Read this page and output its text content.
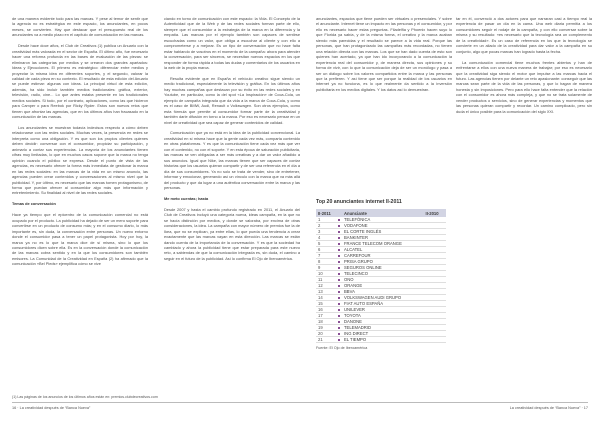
de una manera evidente todo para las marcas. Y pese al temor de sentir que la agencia no es estratégica en este espacio, los anunciantes, en pocos meses, se convierten. Hay que destacar que el presupuesto real de los anunciantes va a medio plazo en el capítulo de comunicación en las marcas.

Desde hace doce años, el Club de Creativos (1) publica un Anuario con la creatividad más valorada en el sector de España. El último año, fue necesario hacer una reforma profunda en las bases de evaluación de las piezas: se eliminaron las categorías por medios y se crearon dos grandes apartados: Ideas y Ejecuciones. El primero es estratégico: diferenciar entre medios y proyectar la misma idea en diferentes soportes, y el segundo, valorar la calidad de cada pieza en su contexto. El resultado de esta edición del Anuario se puede estimar: algunas con ideas. La principal virtud de esta edición, además, ha sido incluir también medios tradicionales: gráfica, exterior, televisión, radio, cine... Lo que antes estaba presente en los tradicionales medios sociales. Si todo, por el contrario, aplicaciones, como las que hicieron para Camper o para Reebok por Ricky Ryder. Estos son nuevos retos que tienen que afrontar las agencias, que en los últimos años han fracasado en la comunicación de las marcas.

Los anunciantes se muestran todavía indecisos respecto a cómo deben relacionarse con las redes sociales. Muchas veces, la presencia en redes se interpreta como una obligación. Y es que son los propios clientes quienes deben decidir: conversar con el consumidor, propiciar su participación, y animarlo a contar sus experiencias. La mayoría de los anunciantes tienen cifras muy limitadas, lo que en muchos casos supone que la marca no tenga opinión cuando el público se expresa. Desde el punto de vista de las agencias, es necesario ofrecer la forma más inmediata de gestionar la marca en las redes sociales: en las marcas de la vida en un mismo anuncio, las agencias pueden crear contenidos y conversaciones al mismo nivel que la publicidad. Y, por último, es necesario que las marcas tomen protagonismo, de forma que puedan ofrecer al consumidor algo más que información y entretenimiento. Su finalidad al nivel de las redes sociales.

Temas de conversación

Hace ya tiempo que el epicentro de la comunicación comercial no está ocupado por el producto. La publicidad ha dejado de ser un mero soporte para convertirse en un producto de consumo más; y en el consumo diario, lo más importante es, sin duda, la conversación entre personas. Un nuevo entorno donde el consumidor pasa a tener un papel protagonista. Hoy por hoy, la marca ya no es lo que la marca dice de sí misma, sino lo que los consumidores dicen sobre ella. Es en la conversación donde la comunicación de las marcas cobra sentido y en la que los consumidores son también emisores. La Comunidad de la Creatividad en España (2) ha afirmado que la comunicación «Bel Pleds» ejemplifica cómo se vive

ciando en torno de comunicación con este espacio: la Vida. El Concepto de la Autenticidad que de la Web y de las redes sociales forman parte de ello, siempre que el consumidor a la estrategia de la marca en la diferencia y la empatía. Las marcas por el ejemplo también son capaces de sentirse escuchadas como un valor, que obliga a escuchar al cliente y con ello a comprometerse y a mejorar. Es un tipo de conversación que no hace falta estar hablando de vosotros en el momento de la campaña: ahora para atender la conversación, para ser sinceros, se necesitan nuevos espacios en los que responder de forma rápida a todas las dudas y comentarios de los usuarios en la web de la propia marca.

Resulta evidente que en España el vehículo creativo sigue siendo un medio tradicional, especialmente la televisión y gráfica. En los últimos años hay muchas campañas que destacan por su éxito en las redes sociales y en Youtube, en particular, como la del spot «La Inspiración» de Coca-Cola, un ejemplo de campaña integrada que da vida a la marca de Coca-Cola, y como es el caso de BMW, Audi, Renault o Volkswagen. Son otros ejemplos, como esta fórmula que permite al consumidor formar parte de la creatividad y también darle difusión en torno a la marca. Por eso es necesario pensar en un nivel de creatividad que sea capaz de generar contenidos de calidad.

Comunicación que ya no está en la idea de la publicidad convencional. La creatividad en sí misma hace que la gente cada vez más, comparta contenido en otras plataformas. Y es que la comunicación tiene cada vez más que ver con el contenido, no con el soporte. Y en esta época de saturación publicitaria, las marcas se ven obligadas a ser más creativas y a dar un valor añadido a sus anuncios. Igual que Nike, las marcas tienen que ser capaces de contar historias que los usuarios quieran compartir y de ser una referencia en el día a día de sus consumidores. Ya no solo se trata de vender, sino de entretener, informar y emocionar, generando así un vínculo con la marca que va más allá del producto y que da lugar a una auténtica conversación entre la marca y las personas.

Me meto cuentas; hasta

Desde 2007 y hasta el cambio profundo registrado en 2011, el Anuario del Club de Creativos incluyó una categoría nueva, ideas campaña, en la que no se hacía distinción por medios, y donde se valoraba, por encima de otras consideraciones, la idea. La campaña con mayor número de premios fue la de Ikea, que no se explican, ya entre ellas, lo que pueda una tendencia a crear exactamente que las marcas vayan en esta dirección. Las marcas se están dando cuenta de la importancia de la conversación. Y es que la sociedad ha cambiado y ahora la publicidad tiene que estar preparada para este nuevo reto, a sabiendas de que la comunicación integrada es, sin duda, el camino a seguir en el futuro de la publicidad. Así lo confirma El Ojo de Iberoamérica.

anunciantes, espacios que tiene pueden ser virtuales o presenciales. Y sobre el anunciante. Internet tiene un impacto en las personas y el consumidor, y por ello es necesario hacer estas preguntas. Filadelfia y Phoenix hacen suyo lo que Florida ya sabía, y de la misma forma, el creativo y la marca acaban siendo más parecidas y el resultado se parece a la vida real. Porque las personas, que han protagonizado las campañas más recordadas, no tienen una relación directa con las marcas. Los que se han dado cuenta de esto son quienes han acertado, ya que han ido incorporando a la comunicación la experiencia real del consumidor y, de manera directa, sus opiniones y su forma de vivir, con lo que la comunicación deja de ser un monólogo y pasa a ser un diálogo sobre los valores compartidos entre la marca y las personas que la prefieren. Y así tiene que ser porque la realidad de los usuarios en internet ya no funciona, es lo que realmente da sentido a la inversión publicitaria en los medios digitales. Y los datos así lo demuestran.

tar en él, convenció a dos actores para que narraran casi a tiempo real la experiencia de pasar un día en la cama. Una web diaria permitía a los consumidores seguir el rodaje de la campaña, y con ello conversar sobre la misma y su resultado: «es necesario que la tecnología sea un complemento de la creatividad». Es un caso de referencia en los que la tecnología se convierte en un aliado de la creatividad para dar valor a la campaña en su conjunto, algo que pocas marcas han logrado hasta la fecha.

La comunicación comercial tiene muchos frentes abiertos y han de enfrentarse a ellos con una nueva manera de trabajar; por eso es necesario que la creatividad siga siendo el motor que impulse a las marcas hacia el futuro. Las agencias tienen por delante un reto apasionante: conseguir que las marcas sean parte de la vida de las personas, y que lo hagan de manera honesta y sin imposiciones. Pero para ello hace falta entender que la relación con el consumidor es ahora más compleja, y que no se trata solamente de vender productos o servicios, sino de generar experiencias y momentos que las personas quieran compartir y recordar. Un camino complicado, pero sin duda el único posible para la comunicación del siglo XXI.

Top 20 anunciantes internet II-2011
II-2011		Anunciante	II-2010
1		TELEFÓNICA	
2		VODAFONE	
3		EL CORTE INGLÉS	
4		BANKINTER	
5		FRANCE TELECOM ORANGE	
6		ALCATEL	
7		CARREFOUR	
8		PRISA GRUPO	
9		SEGUROS ONLINE	
10		TELECINCO	
11		ONO	
12		ORANGE	
13		BBVA	
14		VOLKSWAGEN AUDI GRUPO	
15		FIAT AUTO ESPAÑA	
16		UNILEVER	
17		TOYOTA	
18		DANONE	
19		TELEMADRID	
20		ING DIRECT	
21		EL TIEMPO	
Fuente: El Ojo de Iberoamérica
(1) Las páginas de los anuncios de los últimos años están en: premios.clubdecreativos.com
16 · La creatividad después de “Banca Nueva”	La creatividad después de “Banca Nueva” · 17
